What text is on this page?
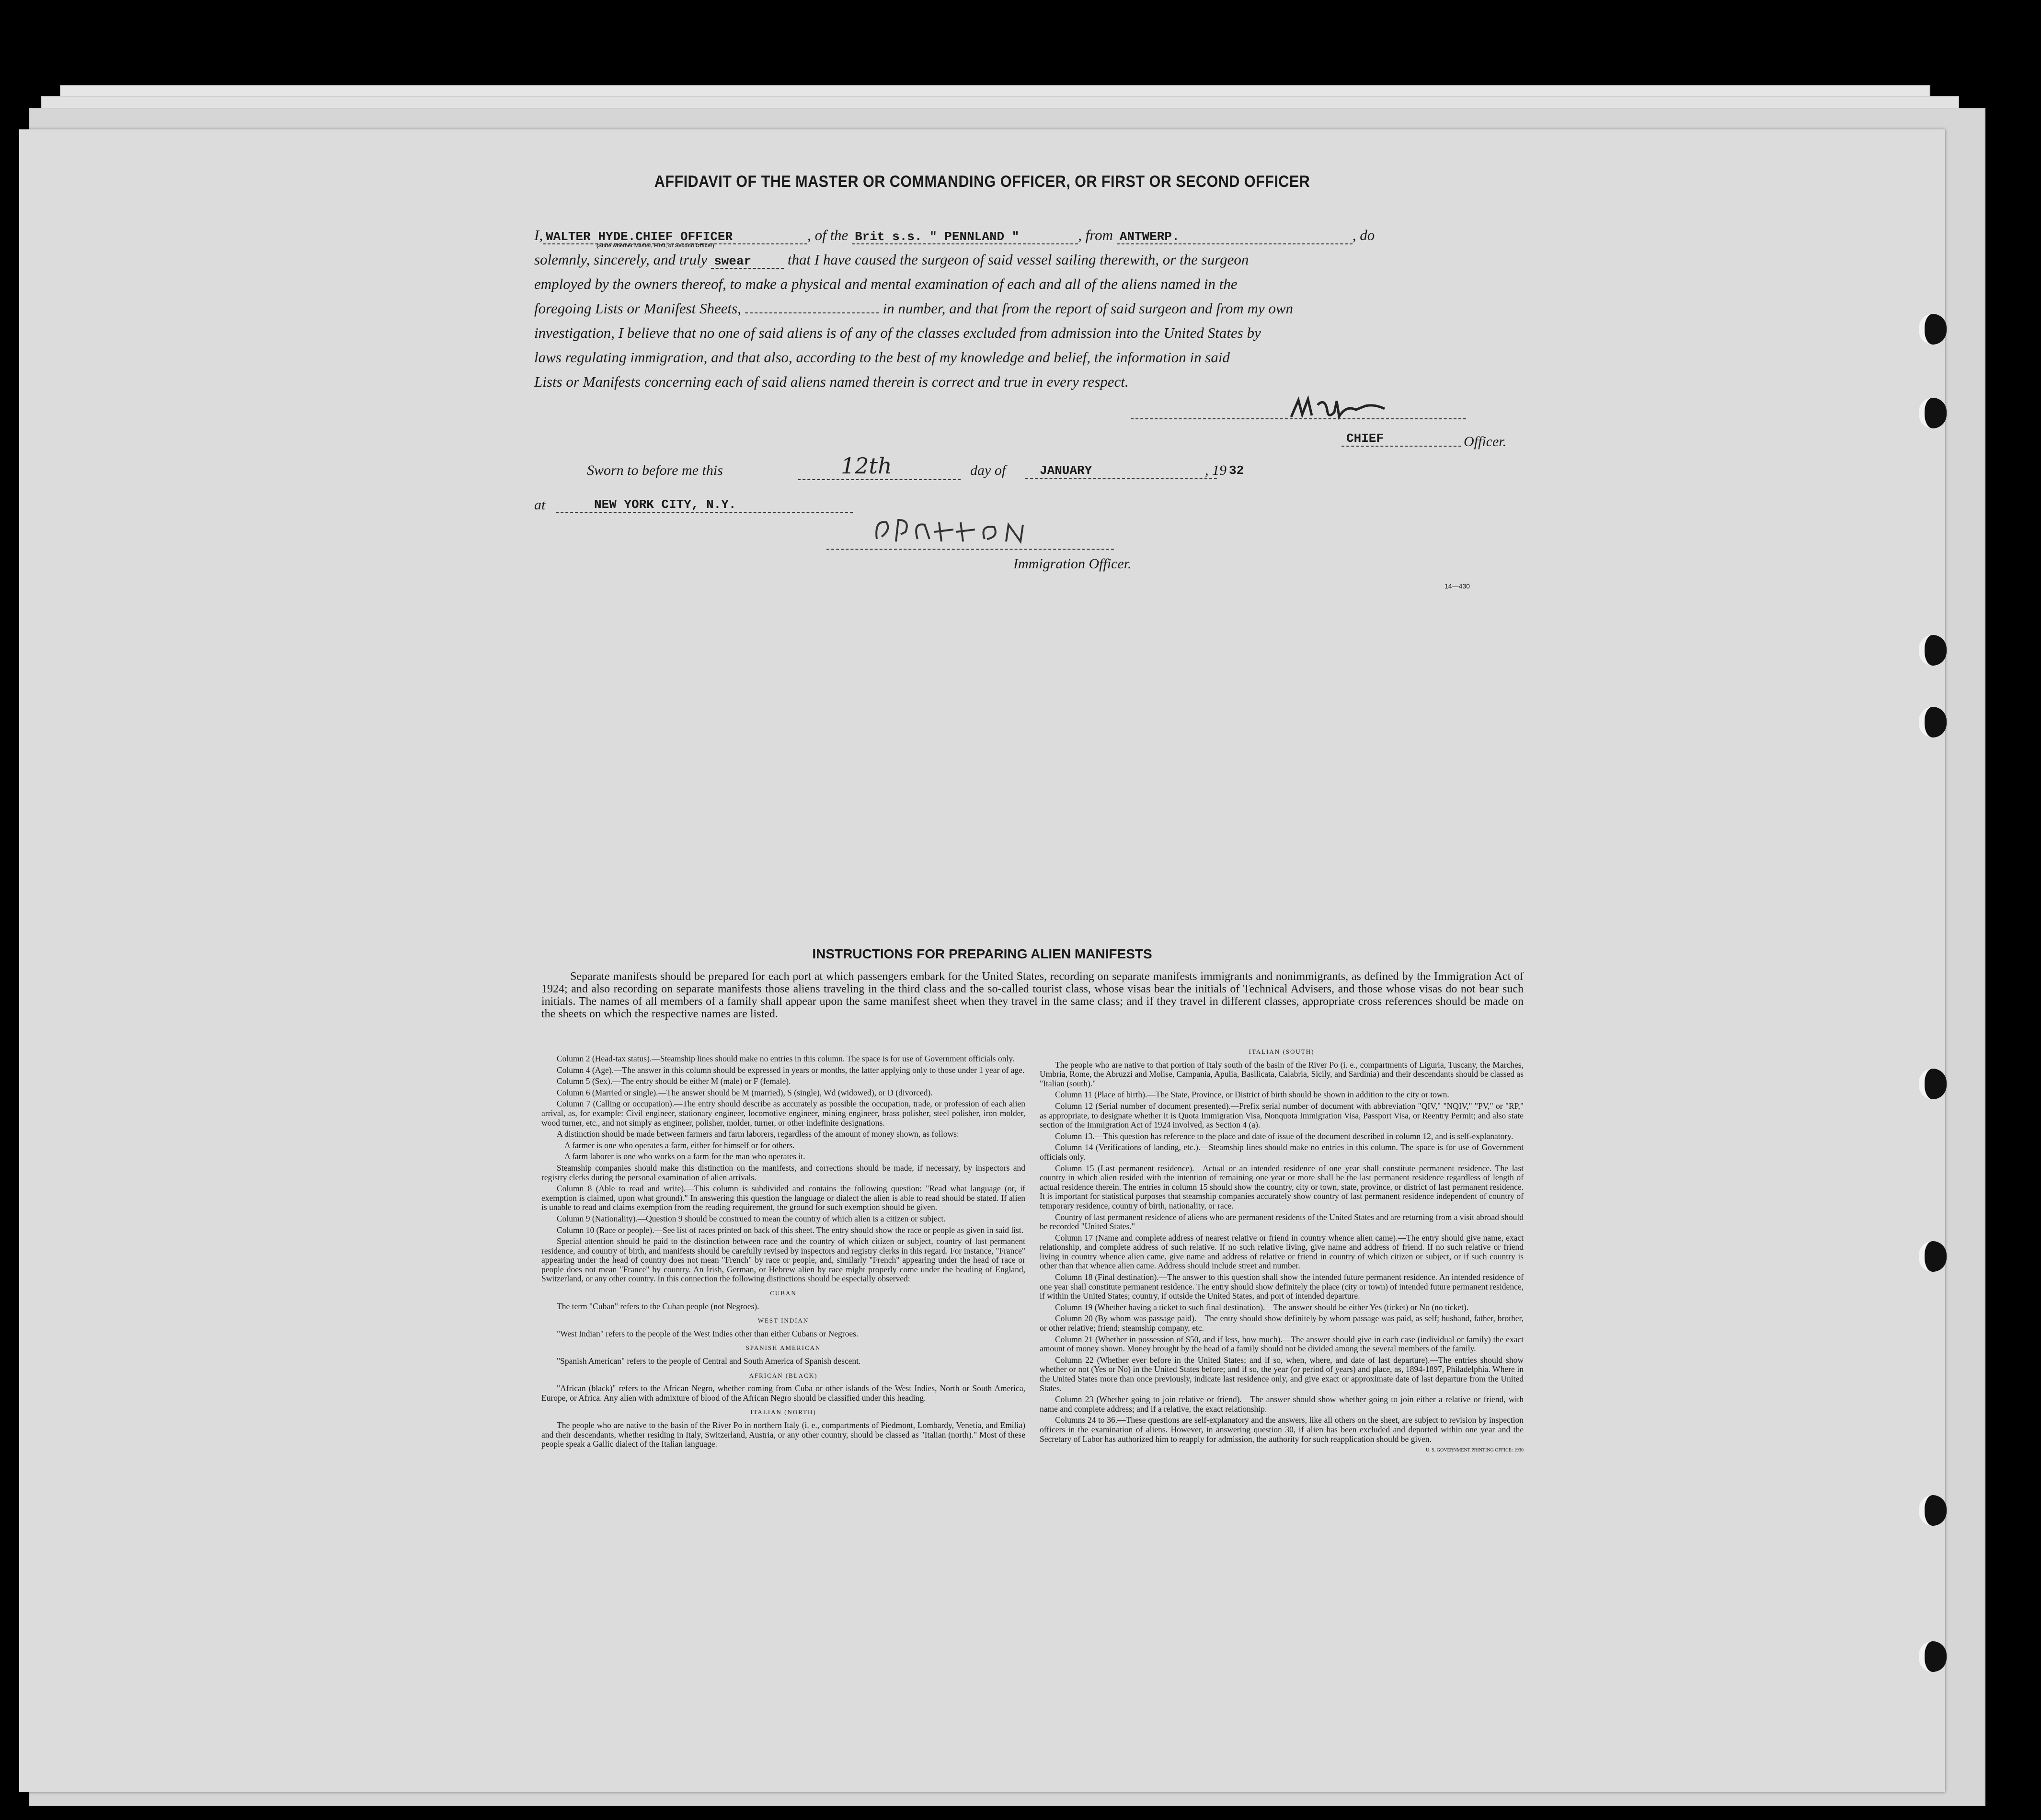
AFFIDAVIT OF THE MASTER OR COMMANDING OFFICER, OR FIRST OR SECOND OFFICER
I, WALTER HYDE.CHIEF OFFICER	, of the Brit s.s. " PENNLAND "	, from ANTWERP.	, do
solemnly, sincerely, and truly swear that I have caused the surgeon of said vessel sailing therewith, or the surgeon
employed by the owners thereof, to make a physical and mental examination of each and all of the aliens named in the
foregoing Lists or Manifest Sheets,	in number, and that from the report of said surgeon and from my own
investigation, I believe that no one of said aliens is of any of the classes excluded from admission into the United States by
laws regulating immigration, and that also, according to the best of my knowledge and belief, the information in said
Lists or Manifests concerning each of said aliens named therein is correct and true in every respect.
(State whether Master, First, or Second Officer)
CHIEF	Officer.
Sworn to before me this	12th	day of	JANUARY	, 19 32
at	NEW YORK CITY, N.Y.
Immigration Officer.
14—430
INSTRUCTIONS FOR PREPARING ALIEN MANIFESTS
Separate manifests should be prepared for each port at which passengers embark for the United States, recording on separate manifests immigrants and nonimmigrants, as defined by the Immigration Act of 1924; and also recording on separate manifests those aliens traveling in the third class and the so-called tourist class, whose visas bear the initials of Technical Advisers, and those whose visas do not bear such initials. The names of all members of a family shall appear upon the same manifest sheet when they travel in the same class; and if they travel in different classes, appropriate cross references should be made on the sheets on which the respective names are listed.

Column 2 (Head-tax status).—Steamship lines should make no entries in this column. The space is for use of Government officials only.

Column 4 (Age).—The answer in this column should be expressed in years or months, the latter applying only to those under 1 year of age.

Column 5 (Sex).—The entry should be either M (male) or F (female).

Column 6 (Married or single).—The answer should be M (married), S (single), Wd (widowed), or D (divorced).

Column 7 (Calling or occupation).—The entry should describe as accurately as possible the occupation, trade, or profession of each alien arrival, as, for example: Civil engineer, stationary engineer, locomotive engineer, mining engineer, brass polisher, steel polisher, iron molder, wood turner, etc., and not simply as engineer, polisher, molder, turner, or other indefinite designations.

A distinction should be made between farmers and farm laborers, regardless of the amount of money shown, as follows:

A farmer is one who operates a farm, either for himself or for others.

A farm laborer is one who works on a farm for the man who operates it.

Steamship companies should make this distinction on the manifests, and corrections should be made, if necessary, by inspectors and registry clerks during the personal examination of alien arrivals.

Column 8 (Able to read and write).—This column is subdivided and contains the following question: "Read what language (or, if exemption is claimed, upon what ground)." In answering this question the language or dialect the alien is able to read should be stated. If alien is unable to read and claims exemption from the reading requirement, the ground for such exemption should be given.

Column 9 (Nationality).—Question 9 should be construed to mean the country of which alien is a citizen or subject.

Column 10 (Race or people).—See list of races printed on back of this sheet. The entry should show the race or people as given in said list.

Special attention should be paid to the distinction between race and the country of which citizen or subject, country of last permanent residence, and country of birth, and manifests should be carefully revised by inspectors and registry clerks in this regard. For instance, "France" appearing under the head of country does not mean "French" by race or people, and, similarly "French" appearing under the head of race or people does not mean "France" by country. An Irish, German, or Hebrew alien by race might properly come under the heading of England, Switzerland, or any other country. In this connection the following distinctions should be especially observed:

CUBAN

The term "Cuban" refers to the Cuban people (not Negroes).

WEST INDIAN

"West Indian" refers to the people of the West Indies other than either Cubans or Negroes.

SPANISH AMERICAN

"Spanish American" refers to the people of Central and South America of Spanish descent.

AFRICAN (BLACK)

"African (black)" refers to the African Negro, whether coming from Cuba or other islands of the West Indies, North or South America, Europe, or Africa. Any alien with admixture of blood of the African Negro should be classified under this heading.

ITALIAN (NORTH)

The people who are native to the basin of the River Po in northern Italy (i. e., compartments of Piedmont, Lombardy, Venetia, and Emilia) and their descendants, whether residing in Italy, Switzerland, Austria, or any other country, should be classed as "Italian (north)." Most of these people speak a Gallic dialect of the Italian language.

ITALIAN (SOUTH)

The people who are native to that portion of Italy south of the basin of the River Po (i. e., compartments of Liguria, Tuscany, the Marches, Umbria, Rome, the Abruzzi and Molise, Campania, Apulia, Basilicata, Calabria, Sicily, and Sardinia) and their descendants should be classed as "Italian (south)."

Column 11 (Place of birth).—The State, Province, or District of birth should be shown in addition to the city or town.

Column 12 (Serial number of document presented).—Prefix serial number of document with abbreviation "QIV," "NQIV," "PV," or "RP," as appropriate, to designate whether it is Quota Immigration Visa, Nonquota Immigration Visa, Passport Visa, or Reentry Permit; and also state section of the Immigration Act of 1924 involved, as Section 4 (a).

Column 13.—This question has reference to the place and date of issue of the document described in column 12, and is self-explanatory.

Column 14 (Verifications of landing, etc.).—Steamship lines should make no entries in this column. The space is for use of Government officials only.

Column 15 (Last permanent residence).—Actual or an intended residence of one year shall constitute permanent residence. The last country in which alien resided with the intention of remaining one year or more shall be the last permanent residence regardless of length of actual residence therein. The entries in column 15 should show the country, city or town, state, province, or district of last permanent residence. It is important for statistical purposes that steamship companies accurately show country of last permanent residence independent of country of temporary residence, country of birth, nationality, or race.

Country of last permanent residence of aliens who are permanent residents of the United States and are returning from a visit abroad should be recorded "United States."

Column 17 (Name and complete address of nearest relative or friend in country whence alien came).—The entry should give name, exact relationship, and complete address of such relative. If no such relative living, give name and address of friend. If no such relative or friend living in country whence alien came, give name and address of relative or friend in country of which citizen or subject, or if such country is other than that whence alien came. Address should include street and number.

Column 18 (Final destination).—The answer to this question shall show the intended future permanent residence. An intended residence of one year shall constitute permanent residence. The entry should show definitely the place (city or town) of intended future permanent residence, if within the United States; country, if outside the United States, and port of intended departure.

Column 19 (Whether having a ticket to such final destination).—The answer should be either Yes (ticket) or No (no ticket).

Column 20 (By whom was passage paid).—The entry should show definitely by whom passage was paid, as self; husband, father, brother, or other relative; friend; steamship company, etc.

Column 21 (Whether in possession of $50, and if less, how much).—The answer should give in each case (individual or family) the exact amount of money shown. Money brought by the head of a family should not be divided among the several members of the family.

Column 22 (Whether ever before in the United States; and if so, when, where, and date of last departure).—The entries should show whether or not (Yes or No) in the United States before; and if so, the year (or period of years) and place, as, 1894-1897, Philadelphia. Where in the United States more than once previously, indicate last residence only, and give exact or approximate date of last departure from the United States.

Column 23 (Whether going to join relative or friend).—The answer should show whether going to join either a relative or friend, with name and complete address; and if a relative, the exact relationship.

Columns 24 to 36.—These questions are self-explanatory and the answers, like all others on the sheet, are subject to revision by inspection officers in the examination of aliens. However, in answering question 30, if alien has been excluded and deported within one year and the Secretary of Labor has authorized him to reapply for admission, the authority for such reapplication should be given.

U. S. GOVERNMENT PRINTING OFFICE: 1930
